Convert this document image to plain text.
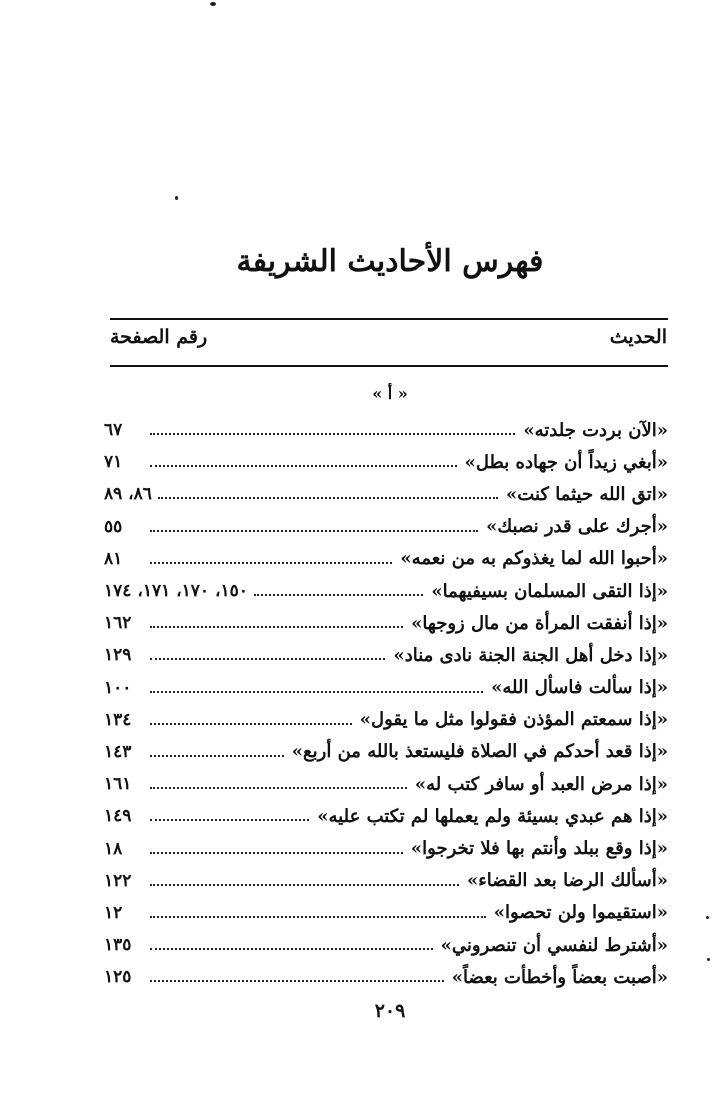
فهرس الأحاديث الشريفة
الحديث
رقم الصفحة
« أ »
«الآن بردت جلدته»
٦٧
«أبغي زيداً أن جهاده بطل»
٧١
«اتق الله حيثما كنت»
٨٦، ٨٩
«أجرك على قدر نصبك»
٥٥
«أحبوا الله لما يغذوكم به من نعمه»
٨١
«إذا التقى المسلمان بسيفيهما»
١٥٠، ١٧٠، ١٧١، ١٧٤
«إذا أنفقت المرأة من مال زوجها»
١٦٢
«إذا دخل أهل الجنة الجنة نادى مناد»
١٢٩
«إذا سألت فاسأل الله»
١٠٠
«إذا سمعتم المؤذن فقولوا مثل ما يقول»
١٣٤
«إذا قعد أحدكم في الصلاة فليستعذ بالله من أربع»
١٤٣
«إذا مرض العبد أو سافر كتب له»
١٦١
«إذا هم عبدي بسيئة ولم يعملها لم تكتب عليه»
١٤٩
«إذا وقع ببلد وأنتم بها فلا تخرجوا»
١٨
«أسألك الرضا بعد القضاء»
١٢٢
«استقيموا ولن تحصوا»
١٢
«أشترط لنفسي أن تنصروني»
١٣٥
«أصبت بعضاً وأخطأت بعضاً»
١٢٥
٢٠٩
